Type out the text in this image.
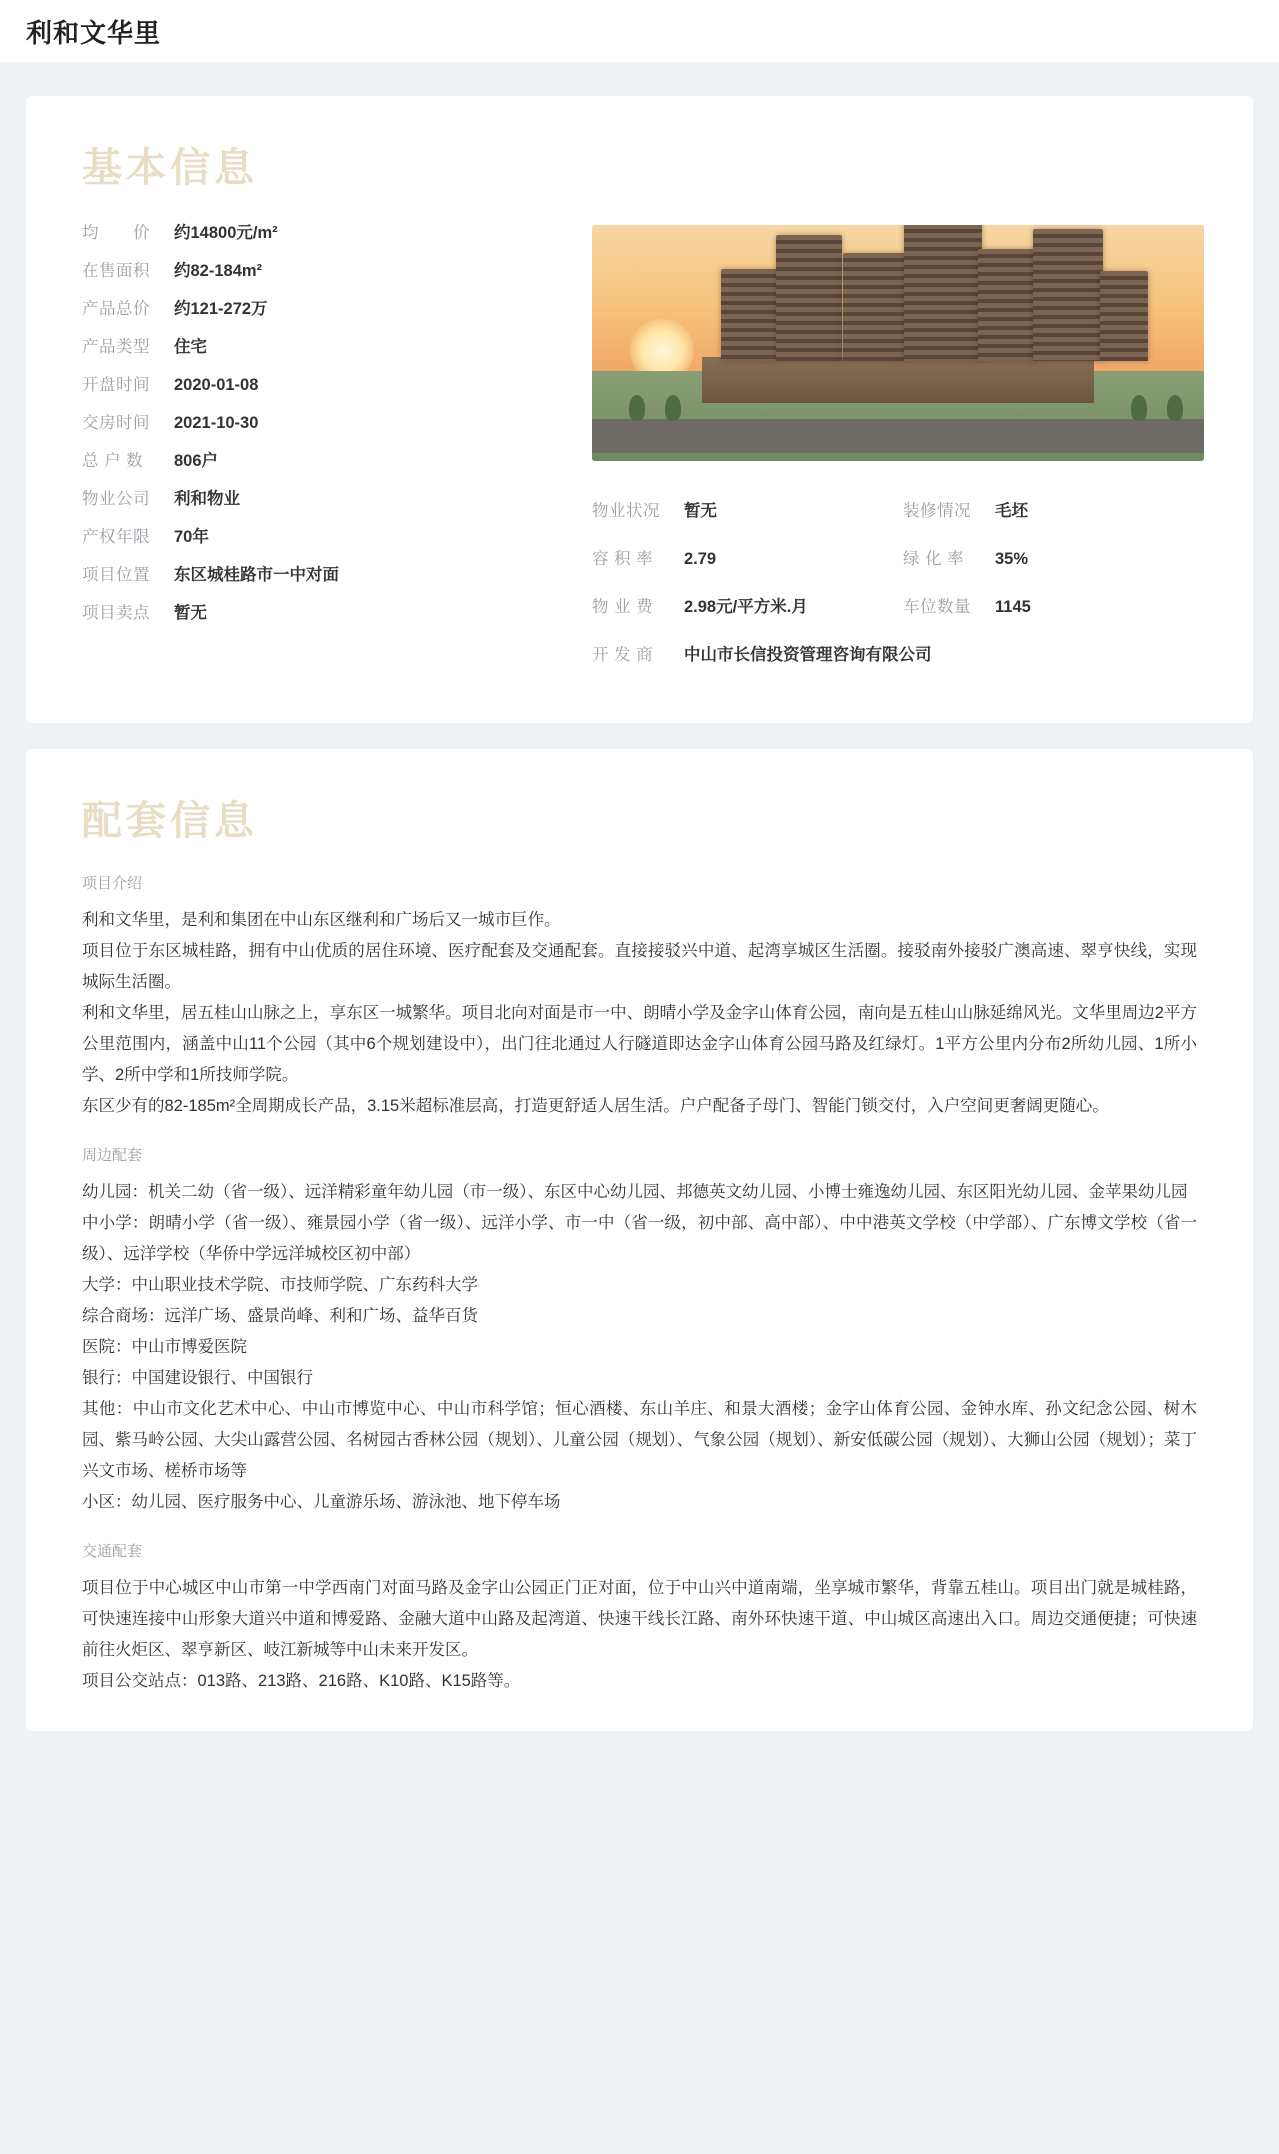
利和文华里
基本信息
均　　价	约14800元/m²
在售面积	约82-184m²
产品总价	约121-272万
产品类型	住宅
开盘时间	2020-01-08
交房时间	2021-10-30
总 户 数	806户
物业公司	利和物业
产权年限	70年
项目位置	东区城桂路市一中对面
项目卖点	暂无
物业状况	暂无	装修情况	毛坯
容 积 率	2.79	绿 化 率	35%
物 业 费	2.98元/平方米.月	车位数量	1145
开 发 商	中山市长信投资管理咨询有限公司
配套信息
项目介绍
利和文华里，是利和集团在中山东区继利和广场后又一城市巨作。
项目位于东区城桂路，拥有中山优质的居住环境、医疗配套及交通配套。直接接驳兴中道、起湾享城区生活圈。接驳南外接驳广澳高速、翠亨快线，实现城际生活圈。
利和文华里，居五桂山山脉之上，享东区一城繁华。项目北向对面是市一中、朗晴小学及金字山体育公园，南向是五桂山山脉延绵风光。文华里周边2平方公里范围内，涵盖中山11个公园（其中6个规划建设中），出门往北通过人行隧道即达金字山体育公园马路及红绿灯。1平方公里内分布2所幼儿园、1所小学、2所中学和1所技师学院。
东区少有的82-185m²全周期成长产品，3.15米超标准层高，打造更舒适人居生活。户户配备子母门、智能门锁交付，入户空间更奢阔更随心。
周边配套
幼儿园：机关二幼（省一级）、远洋精彩童年幼儿园（市一级）、东区中心幼儿园、邦德英文幼儿园、小博士雍逸幼儿园、东区阳光幼儿园、金苹果幼儿园
中小学：朗晴小学（省一级）、雍景园小学（省一级）、远洋小学、市一中（省一级，初中部、高中部）、中中港英文学校（中学部）、广东博文学校（省一级）、远洋学校（华侨中学远洋城校区初中部）
大学：中山职业技术学院、市技师学院、广东药科大学
综合商场：远洋广场、盛景尚峰、利和广场、益华百货
医院：中山市博爱医院
银行：中国建设银行、中国银行
其他：中山市文化艺术中心、中山市博览中心、中山市科学馆；恒心酒楼、东山羊庄、和景大酒楼；金字山体育公园、金钟水库、孙文纪念公园、树木园、紫马岭公园、大尖山露营公园、名树园古香林公园（规划）、儿童公园（规划）、气象公园（规划）、新安低碳公园（规划）、大狮山公园（规划）；菜丁兴文市场、槎桥市场等
小区：幼儿园、医疗服务中心、儿童游乐场、游泳池、地下停车场
交通配套
项目位于中心城区中山市第一中学西南门对面马路及金字山公园正门正对面，位于中山兴中道南端，坐享城市繁华，背靠五桂山。项目出门就是城桂路，可快速连接中山形象大道兴中道和博爱路、金融大道中山路及起湾道、快速干线长江路、南外环快速干道、中山城区高速出入口。周边交通便捷；可快速前往火炬区、翠亨新区、岐江新城等中山未来开发区。
项目公交站点：013路、213路、216路、K10路、K15路等。
